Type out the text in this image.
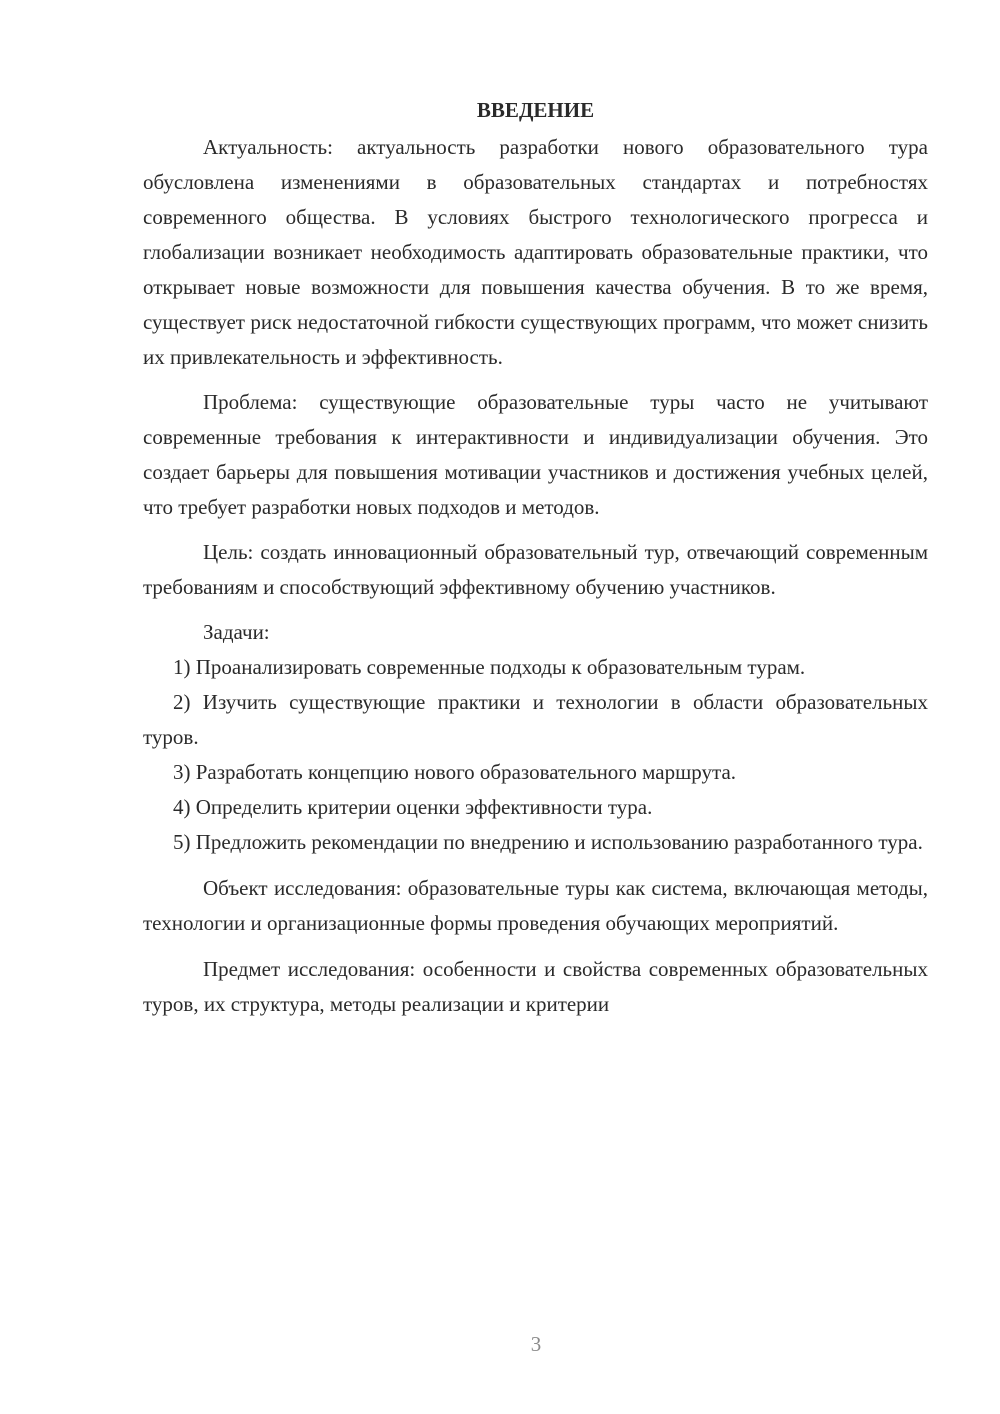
ВВЕДЕНИЕ

Актуальность: актуальность разработки нового образовательного тура обусловлена изменениями в образовательных стандартах и потребностях современного общества. В условиях быстрого технологического прогресса и глобализации возникает необходимость адаптировать образовательные практики, что открывает новые возможности для повышения качества обучения. В то же время, существует риск недостаточной гибкости существующих программ, что может снизить их привлекательность и эффективность.

Проблема: существующие образовательные туры часто не учитывают современные требования к интерактивности и индивидуализации обучения. Это создает барьеры для повышения мотивации участников и достижения учебных целей, что требует разработки новых подходов и методов.

Цель: создать инновационный образовательный тур, отвечающий современным требованиям и способствующий эффективному обучению участников.

Задачи:

1) Проанализировать современные подходы к образовательным турам.

2) Изучить существующие практики и технологии в области образовательных туров.

3) Разработать концепцию нового образовательного маршрута.

4) Определить критерии оценки эффективности тура.

5) Предложить рекомендации по внедрению и использованию разработанного тура.

Объект исследования: образовательные туры как система, включающая методы, технологии и организационные формы проведения обучающих мероприятий.

Предмет исследования: особенности и свойства современных образовательных туров, их структура, методы реализации и критерии

3
